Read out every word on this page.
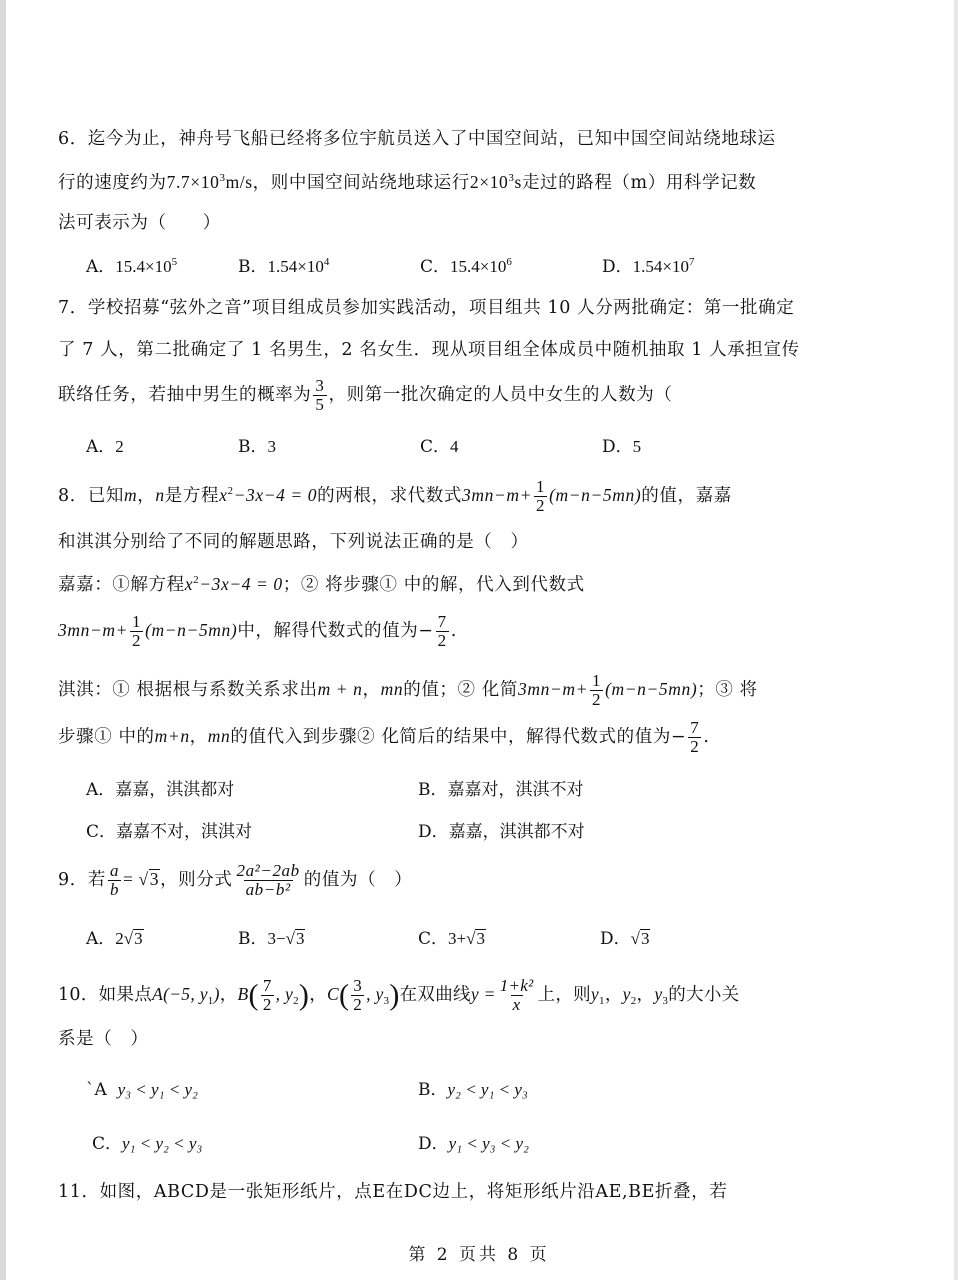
6．迄今为止，神舟号飞船已经将多位宇航员送入了中国空间站，已知中国空间站绕地球运
行的速度约为$7.7\times 10^3m/s$，则中国空间站绕地球运行$2\times 10^3s$走过的路程（m）用科学记数
法可表示为（　　）
A．$15.4\times 10^5$	B．$1.54\times 10^4$	C．$15.4\times 10^6$	D．$1.54\times 10^7$
7．学校招募“弦外之音”项目组成员参加实践活动，项目组共 10 人分两批确定：第一批确定
了 7 人，第二批确定了 1 名男生，2 名女生．现从项目组全体成员中随机抽取 1 人承担宣传
联络任务，若抽中男生的概率为 $\frac{3}{5}$ ，则第一批次确定的人员中女生的人数为（
A．2	B．3	C．4	D．5
8．已知m，n是方程$x^2-3x-4 = 0$的两根，求代数式$3mn-m+ \frac{1}{2} (m-n-5mn)$的值，嘉嘉
和淇淇分别给了不同的解题思路，下列说法正确的是（　）
嘉嘉：①解方程$x^2-3x-4 = 0$；② 将步骤① 中的解，代入到代数式
$3mn-m+ \frac{1}{2} (m-n-5mn)$中，解得代数式的值为− $\frac{7}{2}$ .
淇淇：① 根据根与系数关系求出m + n，mn的值；② 化简$3mn-m+ \frac{1}{2} (m-n-5mn)$；③ 将
步骤① 中的m+n，mn的值代入到步骤② 化简后的结果中，解得代数式的值为− $\frac{7}{2}$ .
A．嘉嘉，淇淇都对	B．嘉嘉对，淇淇不对
C．嘉嘉不对，淇淇对	D．嘉嘉，淇淇都不对
9．若 $\frac{a}{b} = √3$，则分式 $\frac{\text{2a²−2ab}}{\text{ab−b²}}$ 的值为（　）
A．2√3	B．3−√3	C．3+√3	D．√3
10．如果点A(−5, $y_1$)，$B( \frac{7}{2}$ , $y_2$)，$C( \frac{3}{2}$ , $y_3$)在双曲线$y = \frac{\text{1+k²}}{x}$ 上，则$y_1$，$y_2$，$y_3$的大小关
系是（　）
`A y₃ < y₁ < y₂	B．y₂ < y₁ < y₃
C．y₁ < y₂ < y₃	D．y₁ < y₃ < y₂
11．如图，ABCD是一张矩形纸片，点E在DC边上，将矩形纸片沿AE,BE折叠，若
第 2 页共 8 页
